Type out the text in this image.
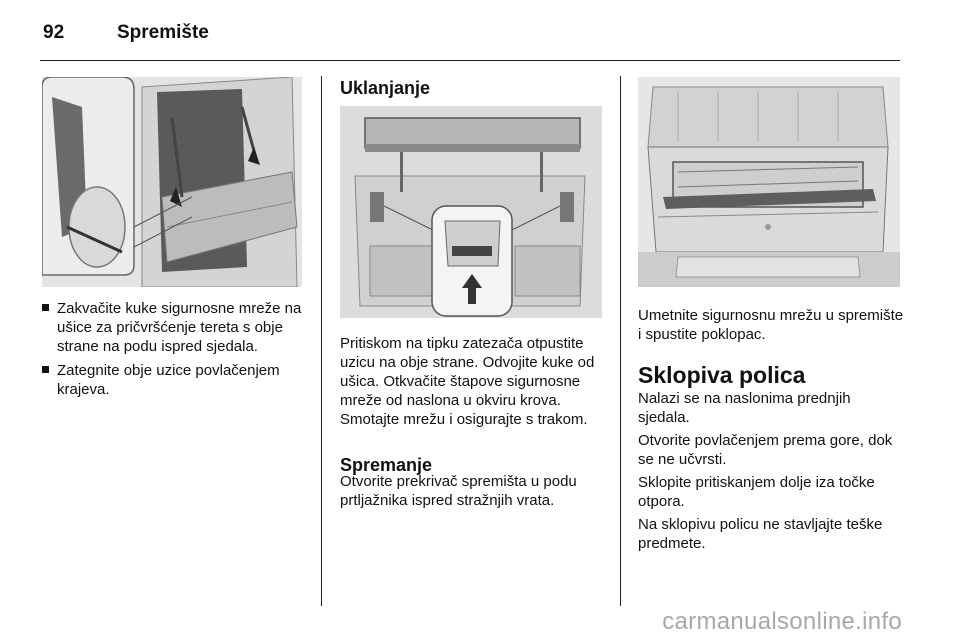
92	Spremište
Zakvačite kuke sigurnosne mreže na ušice za pričvršćenje tereta s obje strane na podu ispred sjedala.
Zategnite obje uzice povlačenjem krajeva.
Uklanjanje
Pritiskom na tipku zatezača otpustite uzicu na obje strane. Odvojite kuke od ušica. Otkvačite štapove sigurnosne mreže od naslona u okviru krova. Smotajte mrežu i osigurajte s trakom.
Spremanje
Otvorite prekrivač spremišta u podu prtljažnika ispred stražnjih vrata.
Umetnite sigurnosnu mrežu u spremište i spustite poklopac.
Sklopiva polica

Nalazi se na naslonima prednjih sjedala.

Otvorite povlačenjem prema gore, dok se ne učvrsti.

Sklopite pritiskanjem dolje iza točke otpora.

Na sklopivu policu ne stavljajte teške predmete.

carmanualsonline.info
